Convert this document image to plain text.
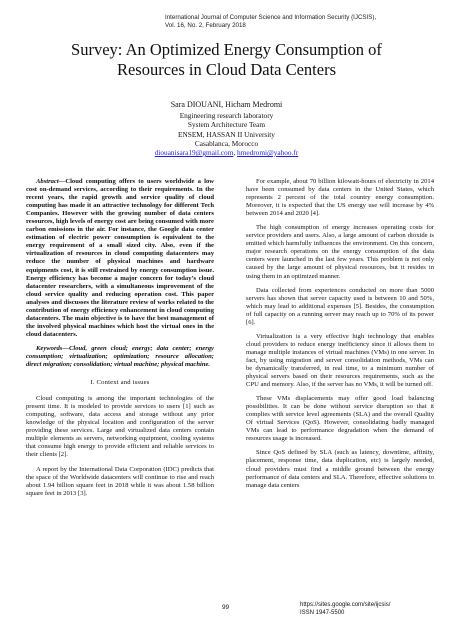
International Journal of Computer Science and Information Security (IJCSIS),
Vol. 16, No. 2, February 2018
Survey: An Optimized Energy Consumption of
Resources in Cloud Data Centers
Sara DIOUANI, Hicham Medromi
Engineering research laboratory
System Architecture Team
ENSEM, HASSAN II University
Casablanca, Morocco
diouanisara19@gmail.com, hmedromi@yahoo.fr

Abstract—Cloud computing offers to users worldwide a low cost on-demand services, according to their requirements. In the recent years, the rapid growth and service quality of cloud computing has made it an attractive technology for different Tech Companies. However with the growing number of data centers resources, high levels of energy cost are being consumed with more carbon emissions in the air. For instance, the Google data center estimation of electric power consumption is equivalent to the energy requirement of a small sized city. Also, even if the virtualization of resources in cloud computing datacenters may reduce the number of physical machines and hardware equipments cost, it is still restrained by energy consumption issue. Energy efficiency has become a major concern for today’s cloud datacenter researchers, with a simultaneous improvement of the cloud service quality and reducing operation cost. This paper analyses and discusses the literature review of works related to the contribution of energy efficiency enhancement in cloud computing datacenters. The main objective is to have the best management of the involved physical machines which host the virtual ones in the cloud datacenters.

Keywords—Cloud, green cloud; energy; data center; energy consumption; virtualization; optimization; resource allocation; direct migration; consolidation; virtual machine; physical machine.

I. Context and issues

Cloud computing is among the important technologies of the present time. It is modeled to provide services to users [1] such as computing, software, data access and storage without any prior knowledge of the physical location and configuration of the server providing these services. Large and virtualized data centers contain multiple elements as servers, networking equipment, cooling systems that consume high energy to provide efficient and reliable services to their clients [2].

A report by the International Data Corporation (IDC) predicts that the space of the Worldwide datacenters will continue to rise and reach about 1.94 billion square feet in 2018 while it was about 1.58 billion square feet in 2013 [3].

For example, about 70 billion kilowatt-hours of electricity in 2014 have been consumed by data centers in the United States, which represents 2 percent of the total country energy consumption. Moreover, it is expected that the US energy use will increase by 4% between 2014 and 2020 [4].

The high consumption of energy increases operating costs for service providers and users. Also, a large amount of carbon dioxide is emitted which harmfully influences the environment. On this concern, major research operations on the energy consumption of the data centers were launched in the last few years. This problem is not only caused by the large amount of physical resources, but it resides in using them in an optimized manner.

Data collected from experiences conducted on more than 5000 servers has shown that server capacity used is between 10 and 50%, which may lead to additional expenses [5]. Besides, the consumption of full capacity on a running server may reach up to 70% of its power [6].

Virtualization is a very effective high technology that enables cloud providers to reduce energy inefficiency since it allows them to manage multiple instances of virtual machines (VMs) in one server. In fact, by using migration and server consolidation methods, VMs can be dynamically transferred, in real time, to a minimum number of physical servers based on their resources requirements, such as the CPU and memory. Also, if the server has no VMs, it will be turned off.

These VMs displacements may offer good load balancing possibilities. It can be done without service disruption so that it complies with service level agreements (SLA) and the overall Quality Of virtual Services (QoS). However, consolidating badly managed VMs can lead to performance degradation when the demand of resources usage is increased.

Since QoS defined by SLA (such as latency, downtime, affinity, placement, response time, data duplication, etc) is largely needed, cloud providers must find a middle ground between the energy performance of data centers and SLA. Therefore, effective solutions to manage data centers

99	https://sites.google.com/site/ijcsis/
ISSN 1947-5500
